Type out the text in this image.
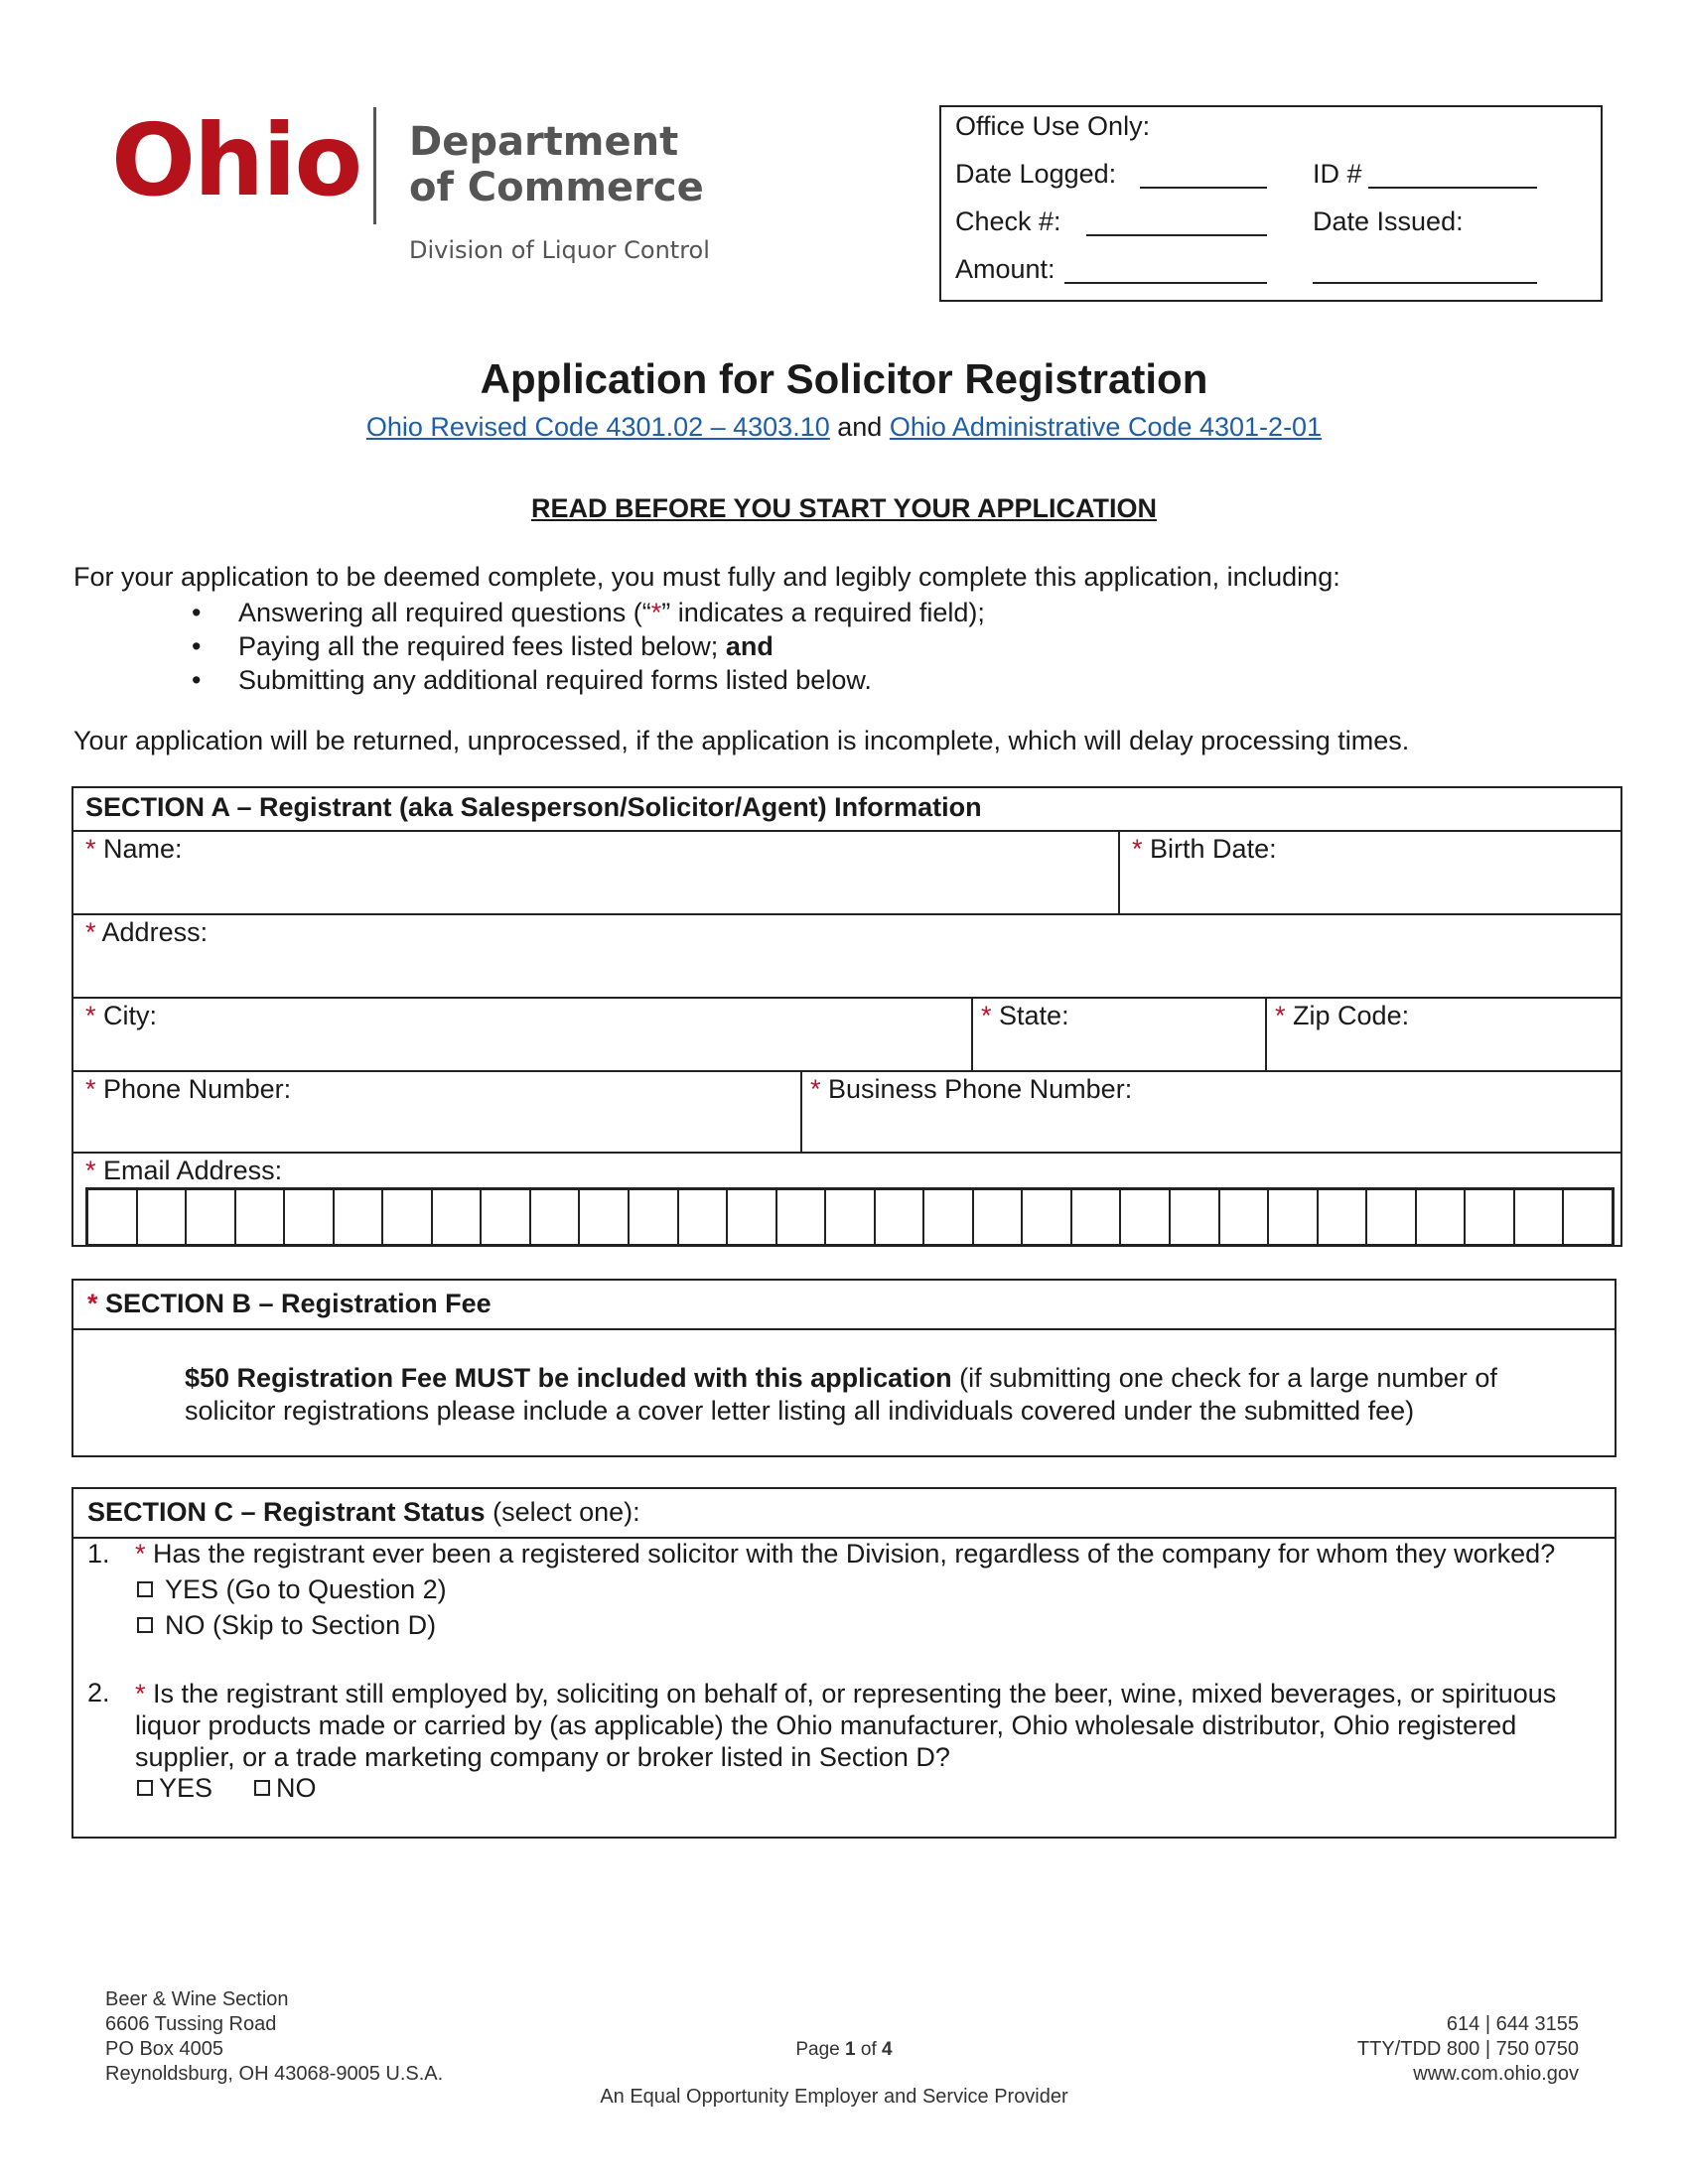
Ohio Department
of Commerce
Division of Liquor Control
Office Use Only:
Date Logged:	ID #
Check #:	Date Issued:
Amount:
Application for Solicitor Registration
Ohio Revised Code 4301.02 – 4303.10 and Ohio Administrative Code 4301-2-01
READ BEFORE YOU START YOUR APPLICATION
For your application to be deemed complete, you must fully and legibly complete this application, including:
• Answering all required questions (“*” indicates a required field);
• Paying all the required fees listed below; and
• Submitting any additional required forms listed below.
Your application will be returned, unprocessed, if the application is incomplete, which will delay processing times.
SECTION A – Registrant (aka Salesperson/Solicitor/Agent) Information
* Name:	* Birth Date:
* Address:
* City:	* State:	* Zip Code:
* Phone Number:	* Business Phone Number:
* Email Address:
* SECTION B – Registration Fee
$50 Registration Fee MUST be included with this application (if submitting one check for a large number of
solicitor registrations please include a cover letter listing all individuals covered under the submitted fee)
SECTION C – Registrant Status (select one):
1. * Has the registrant ever been a registered solicitor with the Division, regardless of the company for whom they worked?
YES (Go to Question 2)
NO (Skip to Section D)
2. * Is the registrant still employed by, soliciting on behalf of, or representing the beer, wine, mixed beverages, or spirituous
liquor products made or carried by (as applicable) the Ohio manufacturer, Ohio wholesale distributor, Ohio registered
supplier, or a trade marketing company or broker listed in Section D?
YES	NO
Beer & Wine Section
6606 Tussing Road
PO Box 4005
Reynoldsburg, OH 43068-9005 U.S.A.
Page 1 of 4
An Equal Opportunity Employer and Service Provider
614 | 644 3155
TTY/TDD 800 | 750 0750
www.com.ohio.gov
